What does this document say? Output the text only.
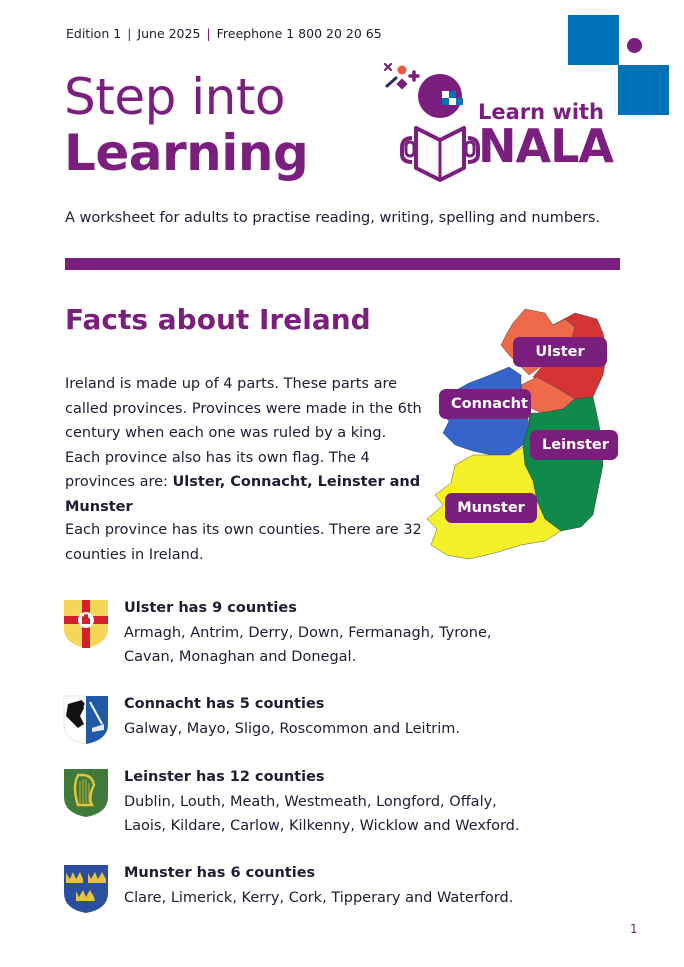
Edition 1 | June 2025 | Freephone 1 800 20 20 65
Step into
Learning
Learn with
NALA

A worksheet for adults to practise reading, writing, spelling and numbers.

Facts about Ireland

Ireland is made up of 4 parts. These parts are called provinces. Provinces were made in the 6th century when each one was ruled by a king. Each province also has its own flag. The 4 provinces are: Ulster, Connacht, Leinster and Munster

Each province has its own counties. There are 32 counties in Ireland.

Ulster
Connacht
Leinster
Munster
Ulster has 9 counties
Armagh, Antrim, Derry, Down, Fermanagh, Tyrone, Cavan, Monaghan and Donegal.
Connacht has 5 counties
Galway, Mayo, Sligo, Roscommon and Leitrim.
Leinster has 12 counties
Dublin, Louth, Meath, Westmeath, Longford, Offaly, Laois, Kildare, Carlow, Kilkenny, Wicklow and Wexford.
Munster has 6 counties
Clare, Limerick, Kerry, Cork, Tipperary and Waterford.
1
